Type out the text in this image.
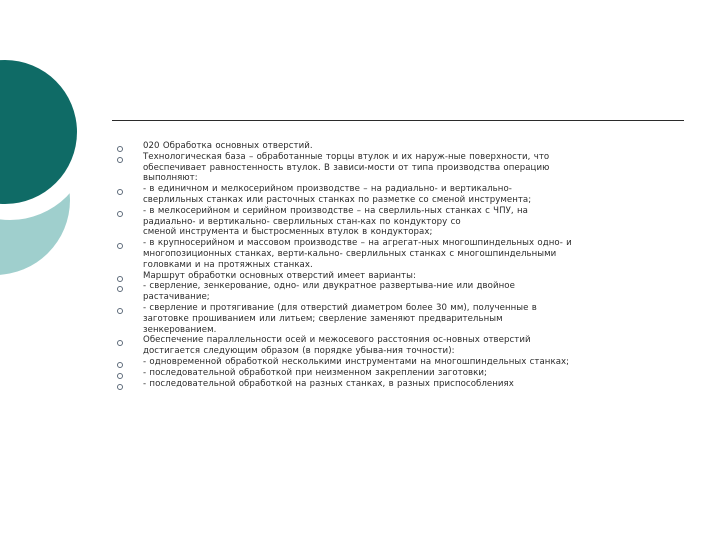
020 Обработка основных отверстий.

Технологическая база – обработанные торцы втулок и их наруж-ные поверхности, что
обеспечивает равностенность втулок. В зависи-мости от типа производства операцию
выполняют:

- в единичном и мелкосерийном производстве – на радиально- и вертикально-
сверлильных станках или расточных станках по разметке со сменой инструмента;

- в мелкосерийном и серийном производстве – на сверлиль-ных станках с ЧПУ, на
радиально- и вертикально- сверлильных стан-ках по кондуктору со
сменой инструмента и быстросменных втулок в кондукторах;

- в крупносерийном и массовом производстве – на агрегат-ных многошпиндельных одно- и
многопозиционных станках, верти-кально- сверлильных станках с многошпиндельными
головками и на протяжных станках.

Маршрут обработки основных отверстий имеет варианты:

- сверление, зенкерование, одно- или двукратное развертыва-ние или двойное
растачивание;

- сверление и протягивание (для отверстий диаметром более 30 мм), полученные в
заготовке прошиванием или литьем; сверление заменяют предварительным
зенкерованием.

Обеспечение параллельности осей и межосевого расстояния ос-новных отверстий
достигается следующим образом (в порядке убыва-ния точности):

- одновременной обработкой несколькими инструментами на многошпиндельных станках;

- последовательной обработкой при неизменном закреплении заготовки;

- последовательной обработкой на разных станках, в разных приспособлениях
